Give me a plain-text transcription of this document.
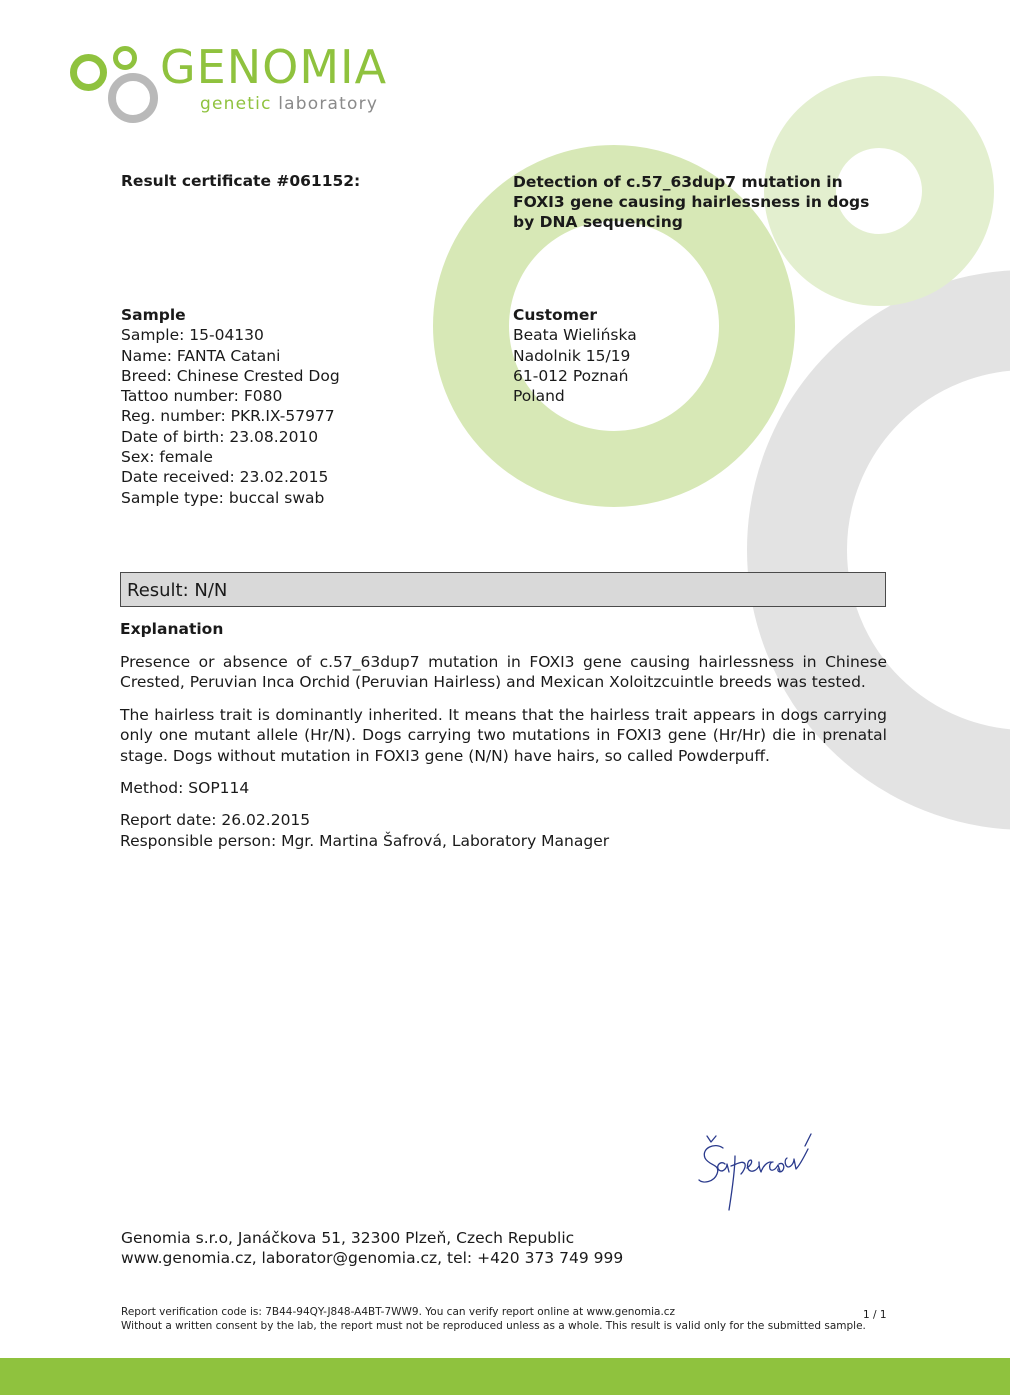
GENOMIA
genetic laboratory
Result certificate #061152:	Detection of c.57_63dup7 mutation in FOXI3 gene causing hairlessness in dogs by DNA sequencing
Sample
Sample: 15-04130
Name: FANTA Catani
Breed: Chinese Crested Dog
Tattoo number: F080
Reg. number: PKR.IX-57977
Date of birth: 23.08.2010
Sex: female
Date received: 23.02.2015
Sample type: buccal swab
Customer
Beata Wielińska
Nadolnik 15/19
61-012 Poznań
Poland
Result: N/N
Explanation
Presence or absence of c.57_63dup7 mutation in FOXI3 gene causing hairlessness in Chinese Crested, Peruvian Inca Orchid (Peruvian Hairless) and Mexican Xoloitzcuintle breeds was tested.
The hairless trait is dominantly inherited. It means that the hairless trait appears in dogs carrying only one mutant allele (Hr/N). Dogs carrying two mutations in FOXI3 gene (Hr/Hr) die in prenatal stage. Dogs without mutation in FOXI3 gene (N/N) have hairs, so called Powderpuff.
Method: SOP114
Report date: 26.02.2015
Responsible person: Mgr. Martina Šafrová, Laboratory Manager
Genomia s.r.o, Janáčkova 51, 32300 Plzeň, Czech Republic
www.genomia.cz, laborator@genomia.cz, tel: +420 373 749 999
Report verification code is: 7B44-94QY-J848-A4BT-7WW9. You can verify report online at www.genomia.cz
Without a written consent by the lab, the report must not be reproduced unless as a whole. This result is valid only for the submitted sample.
1 / 1
